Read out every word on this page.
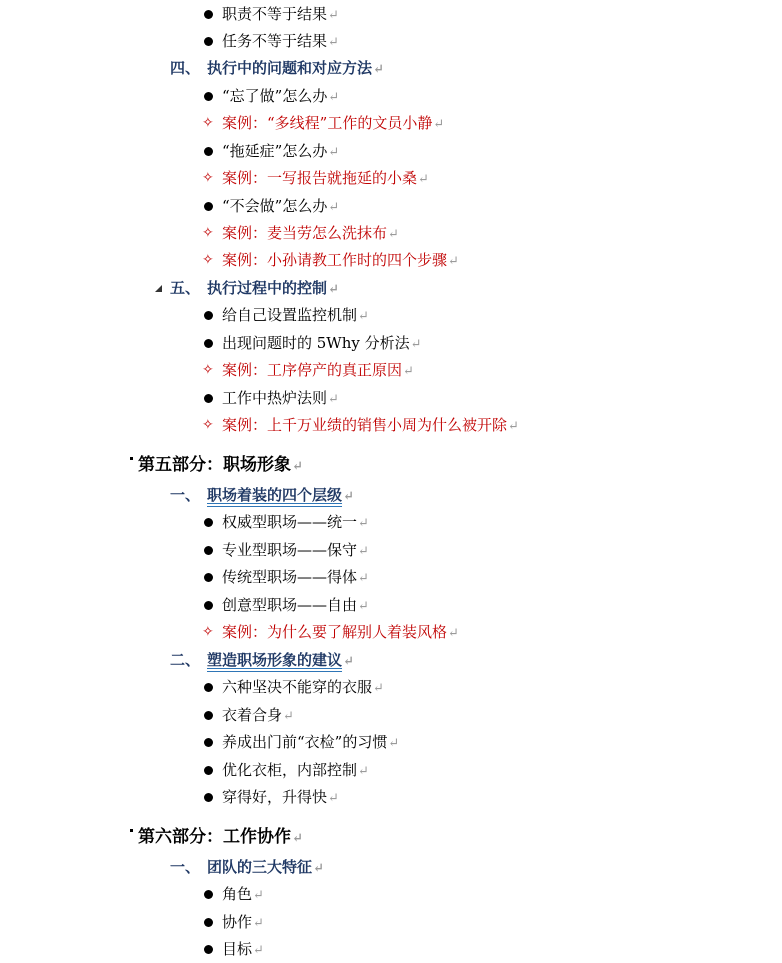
职责不等于结果↵
任务不等于结果↵
四、 执行中的问题和对应方法↵
“忘了做”怎么办↵
✧ 案例：“多线程”工作的文员小静↵
“拖延症”怎么办↵
✧ 案例：一写报告就拖延的小桑↵
“不会做”怎么办↵
✧ 案例：麦当劳怎么洗抹布↵
✧ 案例：小孙请教工作时的四个步骤↵
五、 执行过程中的控制↵
给自己设置监控机制↵
出现问题时的 5Why 分析法↵
✧ 案例：工序停产的真正原因↵
工作中热炉法则↵
✧ 案例：上千万业绩的销售小周为什么被开除↵
第五部分：职场形象↵
一、 职场着装的四个层级↵
权威型职场——统一↵
专业型职场——保守↵
传统型职场——得体↵
创意型职场——自由↵
✧ 案例：为什么要了解别人着装风格↵
二、 塑造职场形象的建议↵
六种坚决不能穿的衣服↵
衣着合身↵
养成出门前“衣检”的习惯↵
优化衣柜，内部控制↵
穿得好，升得快↵
第六部分：工作协作↵
一、 团队的三大特征↵
角色↵
协作↵
目标↵
